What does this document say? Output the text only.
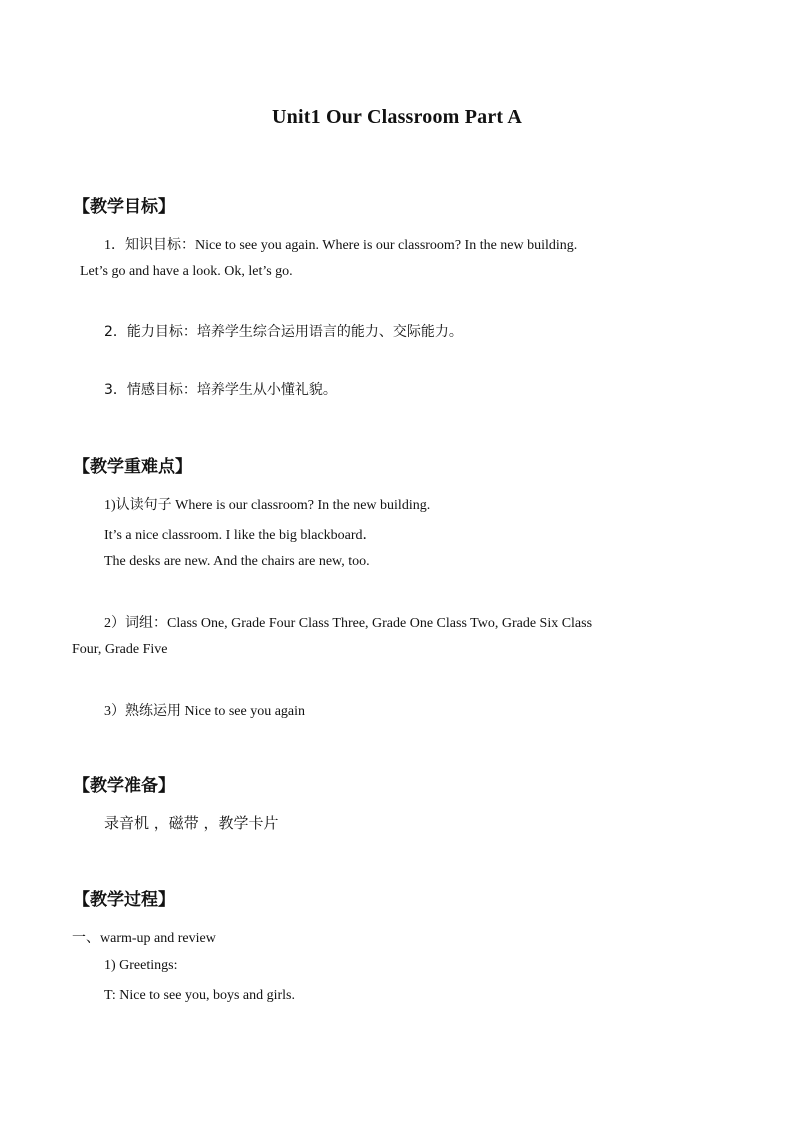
Unit1 Our Classroom Part A
【教学目标】
1．知识目标：Nice to see you again. Where is our classroom? In the new building.
Let’s go and have a look. Ok, let’s go.
2．能力目标：培养学生综合运用语言的能力、交际能力。
3．情感目标：培养学生从小懂礼貌。
【教学重难点】
1)认读句子 Where is our classroom? In the new building.
It’s a nice classroom. I like the big blackboard．
The desks are new. And the chairs are new, too.
2）词组：Class One, Grade Four Class Three, Grade One Class Two, Grade Six Class
Four, Grade Five
3）熟练运用 Nice to see you again
【教学准备】
录音机 ，磁带 ，教学卡片
【教学过程】
一、warm-up and review
1) Greetings:
T: Nice to see you, boys and girls.
